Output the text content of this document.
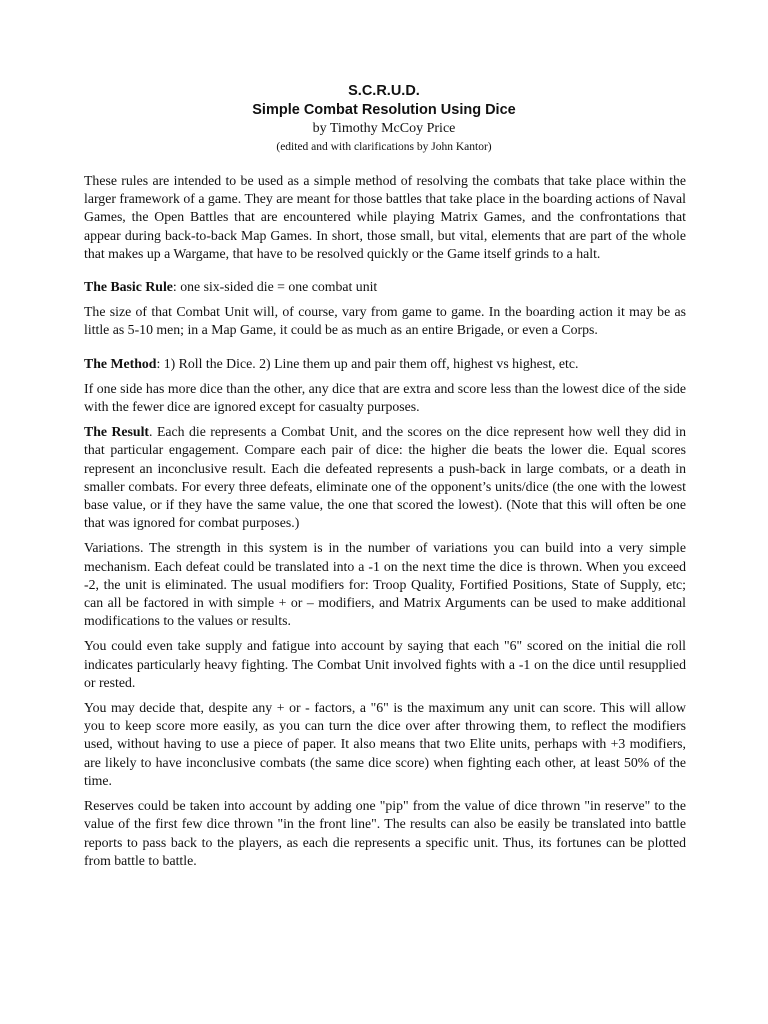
S.C.R.U.D.
Simple Combat Resolution Using Dice
by Timothy McCoy Price
(edited and with clarifications by John Kantor)

These rules are intended to be used as a simple method of resolving the combats that take place within the larger framework of a game. They are meant for those battles that take place in the boarding actions of Naval Games, the Open Battles that are encountered while playing Matrix Games, and the confrontations that appear during back-to-back Map Games. In short, those small, but vital, elements that are part of the whole that makes up a Wargame, that have to be resolved quickly or the Game itself grinds to a halt.

The Basic Rule: one six-sided die = one combat unit

The size of that Combat Unit will, of course, vary from game to game. In the boarding action it may be as little as 5-10 men; in a Map Game, it could be as much as an entire Brigade, or even a Corps.

The Method: 1) Roll the Dice. 2) Line them up and pair them off, highest vs highest, etc.

If one side has more dice than the other, any dice that are extra and score less than the lowest dice of the side with the fewer dice are ignored except for casualty purposes.

The Result. Each die represents a Combat Unit, and the scores on the dice represent how well they did in that particular engagement. Compare each pair of dice: the higher die beats the lower die. Equal scores represent an inconclusive result. Each die defeated represents a push-back in large combats, or a death in smaller combats. For every three defeats, eliminate one of the opponent’s units/dice (the one with the lowest base value, or if they have the same value, the one that scored the lowest). (Note that this will often be one that was ignored for combat purposes.)

Variations. The strength in this system is in the number of variations you can build into a very simple mechanism. Each defeat could be translated into a -1 on the next time the dice is thrown. When you exceed -2, the unit is eliminated. The usual modifiers for: Troop Quality, Fortified Positions, State of Supply, etc; can all be factored in with simple + or – modifiers, and Matrix Arguments can be used to make additional modifications to the values or results.

You could even take supply and fatigue into account by saying that each "6" scored on the initial die roll indicates particularly heavy fighting. The Combat Unit involved fights with a -1 on the dice until resupplied or rested.

You may decide that, despite any + or - factors, a "6" is the maximum any unit can score. This will allow you to keep score more easily, as you can turn the dice over after throwing them, to reflect the modifiers used, without having to use a piece of paper. It also means that two Elite units, perhaps with +3 modifiers, are likely to have inconclusive combats (the same dice score) when fighting each other, at least 50% of the time.

Reserves could be taken into account by adding one "pip" from the value of dice thrown "in reserve" to the value of the first few dice thrown "in the front line". The results can also be easily be translated into battle reports to pass back to the players, as each die represents a specific unit. Thus, its fortunes can be plotted from battle to battle.
